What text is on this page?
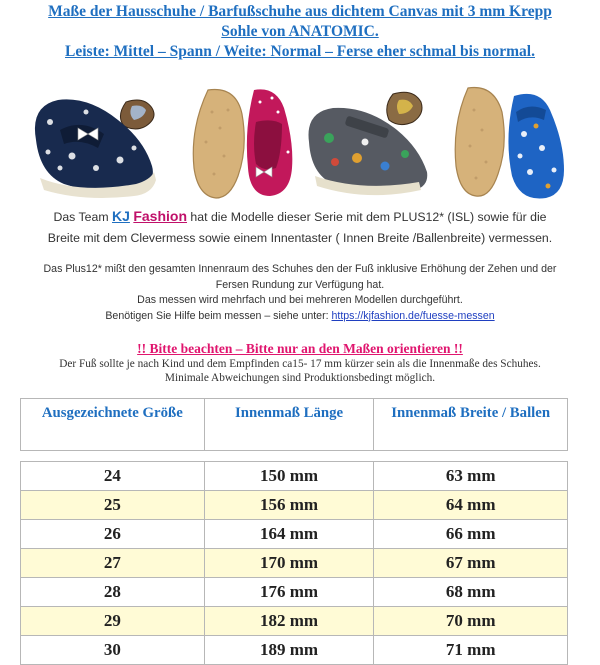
Maße der Hausschuhe / Barfußschuhe aus dichtem Canvas mit 3 mm Krepp
Sohle von ANATOMIC.
Leiste: Mittel – Spann / Weite: Normal – Ferse eher schmal bis normal.
Das Team KJ Fashion hat die Modelle dieser Serie mit dem PLUS12* (ISL) sowie für die
Breite mit dem Clevermess sowie einem Innentaster ( Innen Breite /Ballenbreite) vermessen.
Das Plus12* mißt den gesamten Innenraum des Schuhes den der Fuß inklusive Erhöhung der Zehen und der
Fersen Rundung zur Verfügung hat.
Das messen wird mehrfach und bei mehreren Modellen durchgeführt.
Benötigen Sie Hilfe beim messen – siehe unter: https://kjfashion.de/fuesse-messen
!! Bitte beachten – Bitte nur an den Maßen orientieren !!
Der Fuß sollte je nach Kind und dem Empfinden ca15- 17 mm kürzer sein als die Innenmaße des Schuhes.
Minimale Abweichungen sind Produktionsbedingt möglich.
Ausgezeichnete Größe	Innenmaß Länge	Innenmaß Breite / Ballen

24	150 mm	63 mm
25	156 mm	64 mm
26	164 mm	66 mm
27	170 mm	67 mm
28	176 mm	68 mm
29	182 mm	70 mm
30	189 mm	71 mm
